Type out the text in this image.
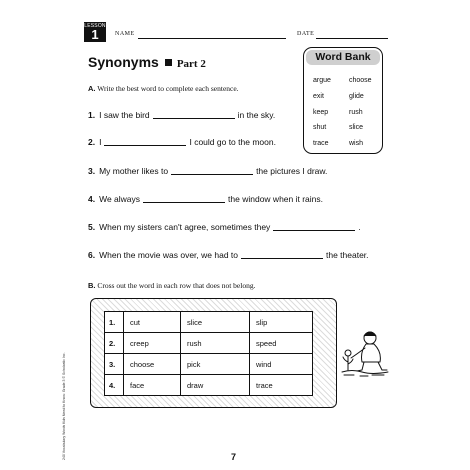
LESSON
1	NAME	DATE
Synonyms Part 2
Word Bank
argue	choose
exit	glide
keep	rush
shut	slice
trace	wish
A. Write the best word to complete each sentence.
1. I saw the bird	in the sky.
2. I	I could go to the moon.
3. My mother likes to	the pictures I draw.
4. We always	the window when it rains.
5. When my sisters can't agree, sometimes they	.
6. When the movie was over, we had to	the theater.
B. Cross out the word in each row that does not belong.
1.	cut	slice	slip
2.	creep	rush	speed
3.	choose	pick	wind
4.	face	draw	trace
240 Vocabulary Words Kids Need to Know: Grade 3 © Scholastic Inc.	7
